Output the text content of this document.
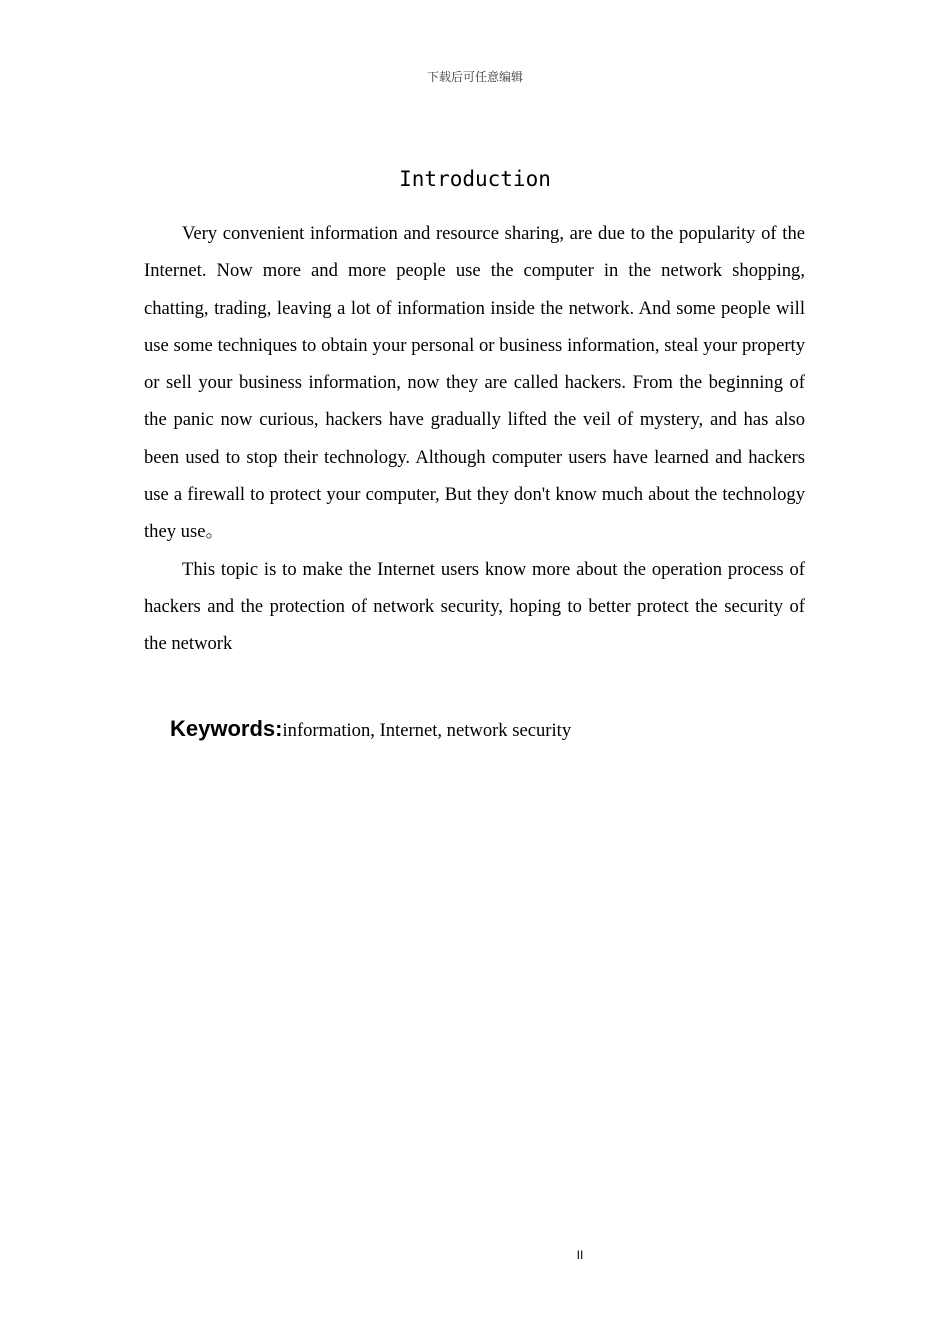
下载后可任意编辑
Introduction

Very convenient information and resource sharing, are due to the popularity of the Internet. Now more and more people use the computer in the network shopping, chatting, trading, leaving a lot of information inside the network. And some people will use some techniques to obtain your personal or business information, steal your property or sell your business information, now they are called hackers. From the beginning of the panic now curious, hackers have gradually lifted the veil of mystery, and has also been used to stop their technology. Although computer users have learned and hackers use a firewall to protect your computer, But they don't know much about the technology they use。

This topic is to make the Internet users know more about the operation process of hackers and the protection of network security, hoping to better protect the security of the network

Keywords:information, Internet, network security
II
